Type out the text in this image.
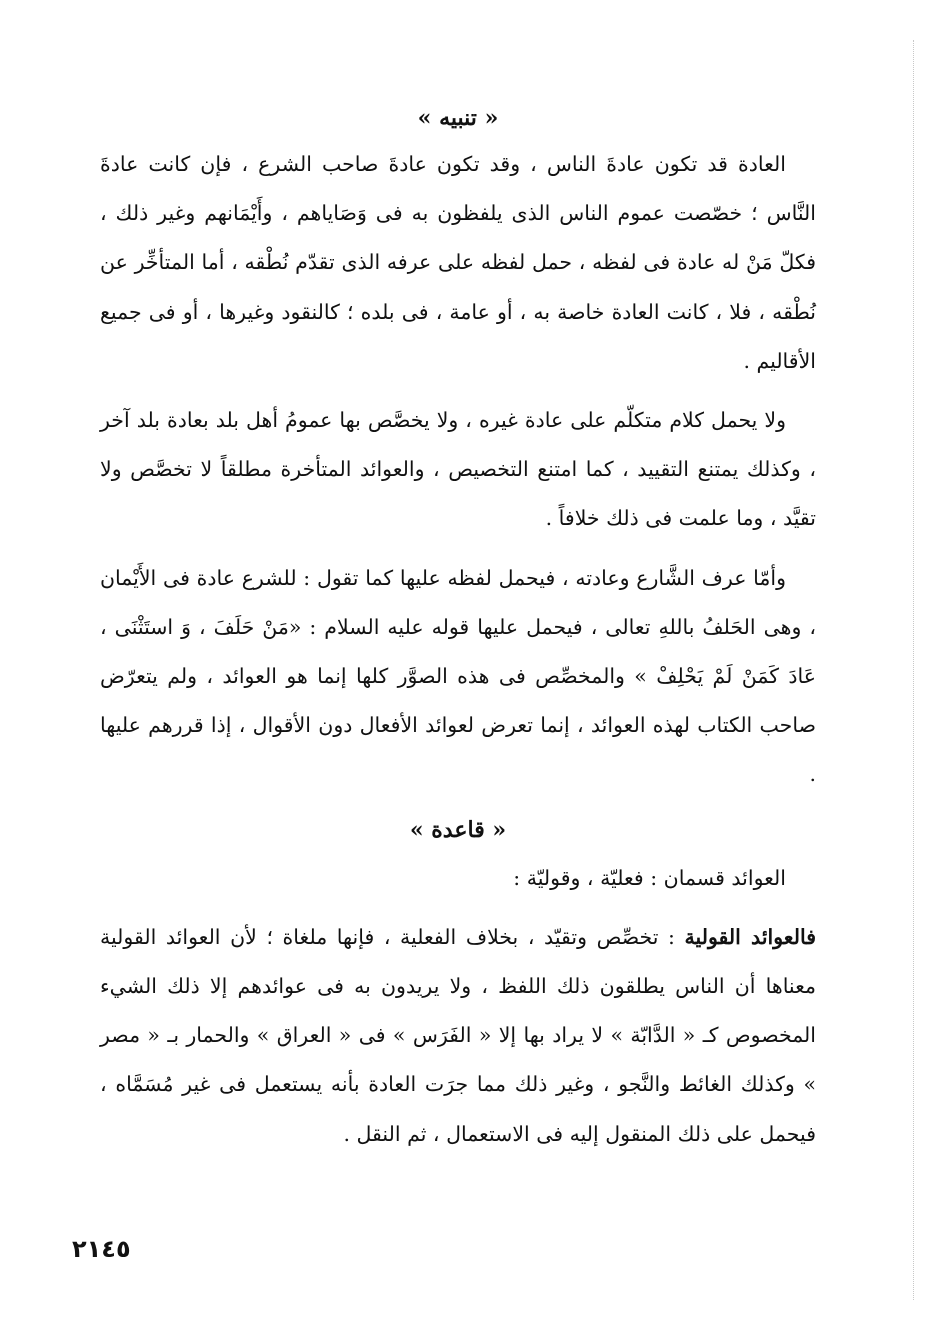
« تنبيه »

العادة قد تكون عادةَ الناس ، وقد تكون عادةَ صاحب الشرع ، فإن كانت عادةَ النَّاس ؛ خصّصت عموم الناس الذى يلفظون به فى وَصَاياهم ، وأَيْمَانهم وغير ذلك ، فكلّ مَنْ له عادة فى لفظه ، حمل لفظه على عرفه الذى تقدّم نُطْقه ، أما المتأخِّر عن نُطْقه ، فلا ، كانت العادة خاصة به ، أو عامة ، فى بلده ؛ كالنقود وغيرها ، أو فى جميع الأقاليم .

ولا يحمل كلام متكلّم على عادة غيره ، ولا يخصَّص بها عمومُ أهل بلد بعادة بلد آخر ، وكذلك يمتنع التقييد ، كما امتنع التخصيص ، والعوائد المتأخرة مطلقاً لا تخصَّص ولا تقيَّد ، وما علمت فى ذلك خلافاً .

وأمّا عرف الشَّارع وعادته ، فيحمل لفظه عليها كما تقول : للشرع عادة فى الأَيْمان ، وهى الحَلفُ باللهِ تعالى ، فيحمل عليها قوله عليه السلام : «مَنْ حَلَفَ ، وَ استَثْنَى ، عَادَ كَمَنْ لَمْ يَحْلِفْ » والمخصِّص فى هذه الصوَّر كلها إنما هو العوائد ، ولم يتعرّض صاحب الكتاب لهذه العوائد ، إنما تعرض لعوائد الأفعال دون الأقوال ، إذا قررهم عليها .

« قاعدة »

العوائد قسمان : فعليّة ، وقوليّة :

فالعوائد القولية : تخصِّص وتقيّد ، بخلاف الفعلية ، فإنها ملغاة ؛ لأن العوائد القولية معناها أن الناس يطلقون ذلك اللفظ ، ولا يريدون به فى عوائدهم إلا ذلك الشيء المخصوص كـ « الدَّابّة » لا يراد بها إلا « الفَرَس » فى « العراق » والحمار بـ « مصر » وكذلك الغائط والنَّجو ، وغير ذلك مما جرَت العادة بأنه يستعمل فى غير مُسَمَّاه ، فيحمل على ذلك المنقول إليه فى الاستعمال ، ثم النقل .

٢١٤٥
